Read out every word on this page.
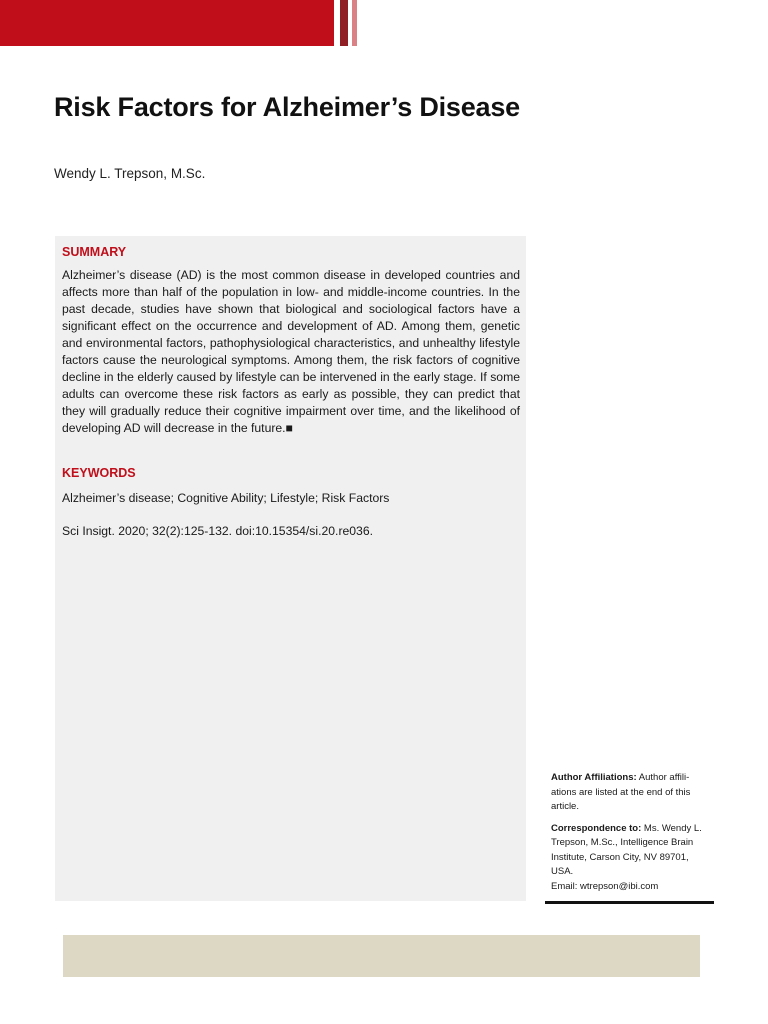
Risk Factors for Alzheimer’s Disease
Wendy L. Trepson, M.Sc.
SUMMARY

Alzheimer’s disease (AD) is the most common disease in developed countries and affects more than half of the population in low- and middle-income countries. In the past decade, studies have shown that biological and sociological factors have a significant effect on the occurrence and development of AD. Among them, genetic and environmental factors, pathophysiological characteristics, and unhealthy lifestyle factors cause the neurological symptoms. Among them, the risk factors of cognitive decline in the elderly caused by lifestyle can be intervened in the early stage. If some adults can overcome these risk factors as early as possible, they can predict that they will gradually reduce their cognitive impairment over time, and the likelihood of developing AD will decrease in the future.■

KEYWORDS
Alzheimer’s disease; Cognitive Ability; Lifestyle; Risk Factors
Sci Insigt. 2020; 32(2):125-132. doi:10.15354/si.20.re036.
Author Affiliations: Author affiliations are listed at the end of this article.
Correspondence to: Ms. Wendy L. Trepson, M.Sc., Intelligence Brain Institute, Carson City, NV 89701, USA.
Email: wtrepson@ibi.com
